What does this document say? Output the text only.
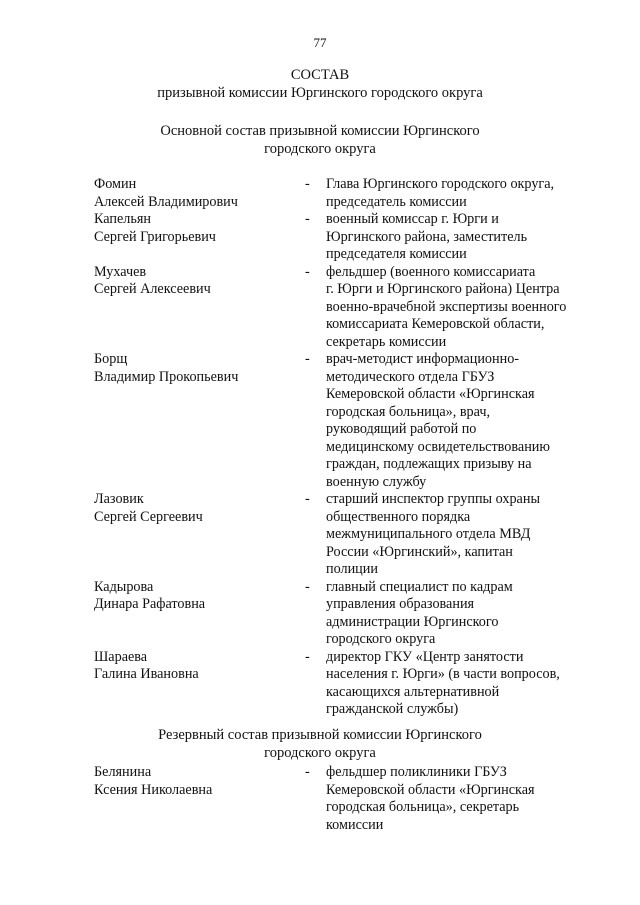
77
СОСТАВ
призывной комиссии Юргинского городского округа
Основной состав призывной комиссии Юргинского
городского округа
Фомин
Алексей Владимирович
- Глава Юргинского городского округа,
председатель комиссии
Капельян
Сергей Григорьевич
- военный комиссар г. Юрги и
Юргинского района, заместитель
председателя комиссии
Мухачев
Сергей Алексеевич
- фельдшер (военного комиссариата
г. Юрги и Юргинского района) Центра
военно-врачебной экспертизы военного
комиссариата Кемеровской области,
секретарь комиссии
Борщ
Владимир Прокопьевич
- врач-методист информационно-
методического отдела ГБУЗ
Кемеровской области «Юргинская
городская больница», врач,
руководящий работой по
медицинскому освидетельствованию
граждан, подлежащих призыву на
военную службу
Лазовик
Сергей Сергеевич
- старший инспектор группы охраны
общественного порядка
межмуниципального отдела МВД
России «Юргинский», капитан
полиции
Кадырова
Динара Рафатовна
- главный специалист по кадрам
управления образования
администрации Юргинского
городского округа
Шараева
Галина Ивановна
- директор ГКУ «Центр занятости
населения г. Юрги» (в части вопросов,
касающихся альтернативной
гражданской службы)
Резервный состав призывной комиссии Юргинского
городского округа
Белянина
Ксения Николаевна
- фельдшер поликлиники ГБУЗ
Кемеровской области «Юргинская
городская больница», секретарь
комиссии
